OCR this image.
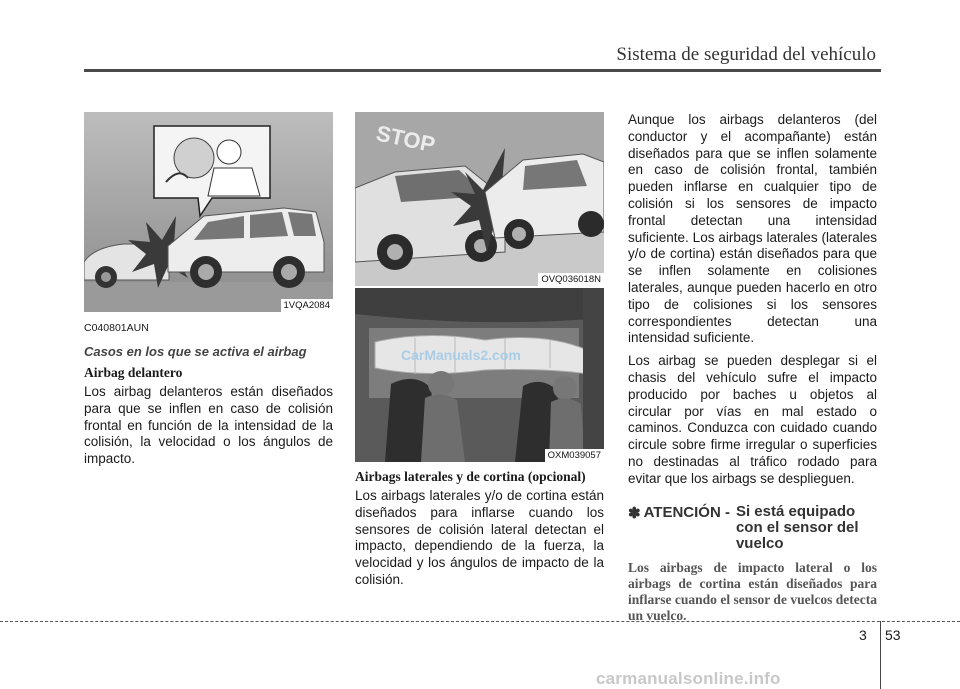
Sistema de seguridad del vehículo
1VQA2084
C040801AUN
Casos en los que se activa el airbag
Airbag delantero

Los airbag delanteros están diseñados para que se inflen en caso de colisión frontal en función de la intensidad de la colisión, la velocidad o los ángulos de impacto.

STOP
OVQ036018N
CarManuals2.com
OXM039057
Airbags laterales y de cortina (opcional)

Los airbags laterales y/o de cortina están diseñados para inflarse cuando los sensores de colisión lateral detectan el impacto, dependiendo de la fuerza, la velocidad y los ángulos de impacto de la colisión.

Aunque los airbags delanteros (del conductor y el acompañante) están diseñados para que se inflen solamente en caso de colisión frontal, también pueden inflarse en cualquier tipo de colisión si los sensores de impacto frontal detectan una intensidad suficiente. Los airbags laterales (laterales y/o de cortina) están diseñados para que se inflen solamente en colisiones laterales, aunque pueden hacerlo en otro tipo de colisiones si los sensores correspondientes detectan una intensidad suficiente.

Los airbag se pueden desplegar si el chasis del vehículo sufre el impacto producido por baches u objetos al circular por vías en mal estado o caminos. Conduzca con cuidado cuando circule sobre firme irregular o superficies no destinadas al tráfico rodado para evitar que los airbags se desplieguen.

✽ ATENCIÓN - Si está equipado con el sensor del vuelco
Los airbags de impacto lateral o los airbags de cortina están diseñados para inflarse cuando el sensor de vuelcos detecta un vuelco.
3 53
carmanualsonline.info
